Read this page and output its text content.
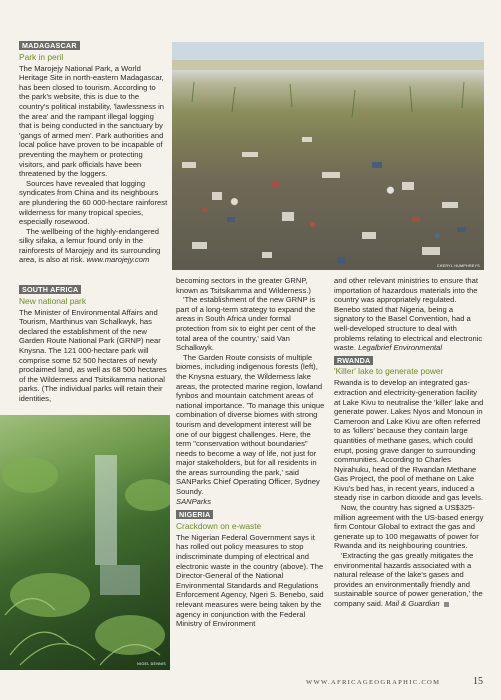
CHERYL HUMPHREYS
NIGEL DENNIS
MADAGASCAR
Park in peril

The Marojejy National Park, a World Heritage Site in north-eastern Madagascar, has been closed to tourism. According to the park's website, this is due to the country's political instability, 'lawlessness in the area' and the rampant illegal logging that is being conducted in the sanctuary by 'gangs of armed men'. Park authorities and local police have proven to be incapable of preventing the mayhem or protecting visitors, and park officials have been threatened by the loggers.

Sources have revealed that logging syndicates from China and its neighbours are plundering the 60 000-hectare rainforest wilderness for many tropical species, especially rosewood.

The wellbeing of the highly-endangered silky sifaka, a lemur found only in the rainforests of Marojejy and its surrounding area, is also at risk. www.marojejy.com

SOUTH AFRICA
New national park

The Minister of Environmental Affairs and Tourism, Marthinus van Schalkwyk, has declared the establishment of the new Garden Route National Park (GRNP) near Knysna. The 121 000-hectare park will comprise some 52 500 hectares of newly proclaimed land, as well as 68 500 hectares of the Wilderness and Tsitsikamma national parks. (The individual parks will retain their identities,

becoming sectors in the greater GRNP, known as Tsitsikamma and Wilderness.)

'The establishment of the new GRNP is part of a long-term strategy to expand the areas in South Africa under formal protection from six to eight per cent of the total area of the country,' said Van Schalkwyk.

The Garden Route consists of multiple biomes, including indigenous forests (left), the Knysna estuary, the Wilderness lake areas, the protected marine region, lowland fynbos and mountain catchment areas of national importance. 'To manage this unique combination of diverse biomes with strong tourism and development interest will be one of our biggest challenges. Here, the term "conservation without boundaries" needs to become a way of life, not just for major stakeholders, but for all residents in the areas surrounding the park,' said SANParks Chief Operating Officer, Sydney Soundy.

SANParks

NIGERIA
Crackdown on e-waste

The Nigerian Federal Government says it has rolled out policy measures to stop indiscriminate dumping of electrical and electronic waste in the country (above). The Director-General of the National Environmental Standards and Regulations Enforcement Agency, Ngeri S. Benebo, said relevant measures were being taken by the agency in conjunction with the Federal Ministry of Environment

and other relevant ministries to ensure that importation of hazardous materials into the country was appropriately regulated. Benebo stated that Nigeria, being a signatory to the Basel Convention, had a well-developed structure to deal with problems relating to electrical and electronic waste. Legalbrief Environmental

RWANDA
'Killer' lake to generate power

Rwanda is to develop an integrated gas-extraction and electricity-generation facility at Lake Kivu to neutralise the 'killer' lake and generate power. Lakes Nyos and Monoun in Cameroon and Lake Kivu are often referred to as 'killers' because they contain large quantities of methane gases, which could erupt, posing grave danger to surrounding communities. According to Charles Nyirahuku, head of the Rwandan Methane Gas Project, the pool of methane on Lake Kivu's bed has, in recent years, induced a steady rise in carbon dioxide and gas levels.

Now, the country has signed a US$325-million agreement with the US-based energy firm Contour Global to extract the gas and generate up to 100 megawatts of power for Rwanda and its neighbouring countries.

'Extracting the gas greatly mitigates the environmental hazards associated with a natural release of the lake's gases and provides an environmentally friendly and sustainable source of power generation,' the company said. Mail & Guardian

WWW.AFRICAGEOGRAPHIC.COM	15
